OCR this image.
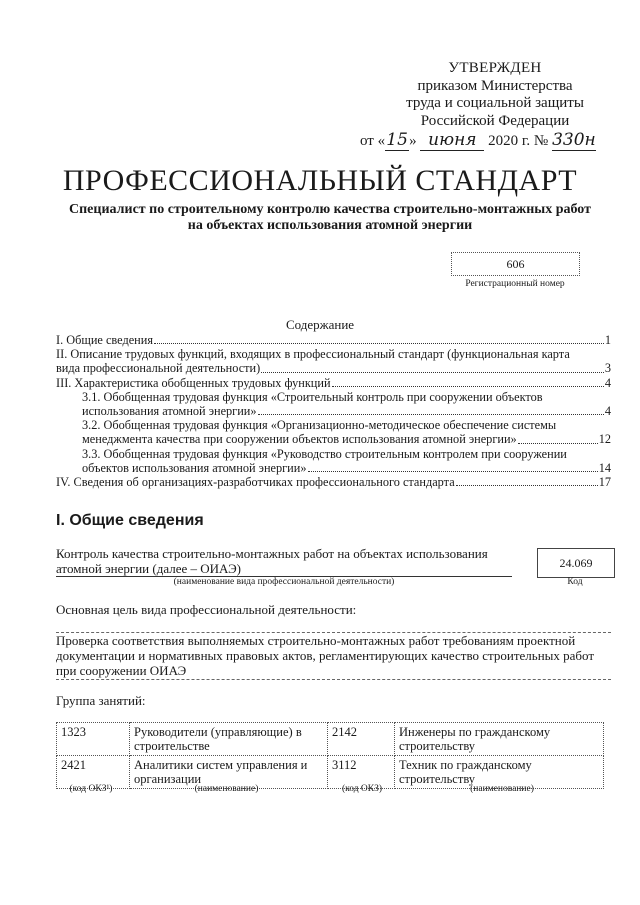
УТВЕРЖДЕН
приказом Министерства
труда и социальной защиты
Российской Федерации
от «15» июня 2020 г. № 330н
ПРОФЕССИОНАЛЬНЫЙ СТАНДАРТ
Специалист по строительному контролю качества строительно-монтажных работ на объектах использования атомной энергии
606
Регистрационный номер
Содержание
I. Общие сведения	1
II. Описание трудовых функций, входящих в профессиональный стандарт (функциональная карта
вида профессиональной деятельности)	3
III. Характеристика обобщенных трудовых функций	4
3.1. Обобщенная трудовая функция «Строительный контроль при сооружении объектов
использования атомной энергии»	4
3.2. Обобщенная трудовая функция «Организационно-методическое обеспечение системы
менеджмента качества при сооружении объектов использования атомной энергии»	12
3.3. Обобщенная трудовая функция «Руководство строительным контролем при сооружении
объектов использования атомной энергии»	14
IV. Сведения об организациях-разработчиках профессионального стандарта	17
I. Общие сведения
Контроль качества строительно-монтажных работ на объектах использования атомной энергии (далее – ОИАЭ)
(наименование вида профессиональной деятельности)
24.069
Код
Основная цель вида профессиональной деятельности:
Проверка соответствия выполняемых строительно-монтажных работ требованиям проектной документации и нормативных правовых актов, регламентирующих качество строительных работ при сооружении ОИАЭ
Группа занятий:
1323	Руководители (управляющие) в строительстве	2142	Инженеры по гражданскому строительству
2421	Аналитики систем управления и организации	3112	Техник по гражданскому строительству
(код ОКЗ¹)	(наименование)	(код ОКЗ)	(наименование)
